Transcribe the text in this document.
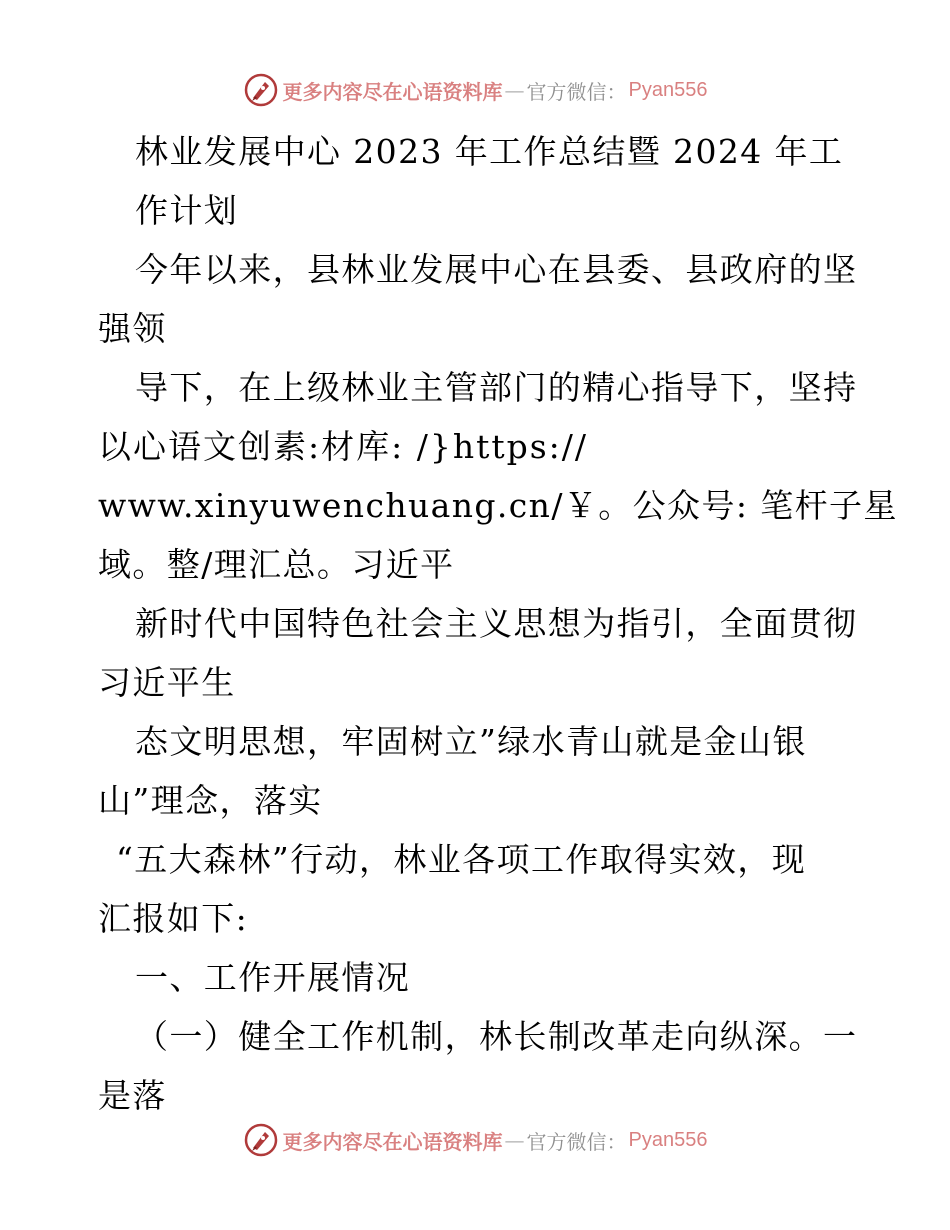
更多内容尽在心语资料库 — 官方微信： Pyan556
林业发展中心 2023 年工作总结暨 2024 年工
作计划
今年以来，县林业发展中心在县委、县政府的坚
强领
导下，在上级林业主管部门的精心指导下，坚持
以心语文创素:材库: /}https://
www.xinyuwenchuang.cn/￥。公众号: 笔杆子星
域。整/理汇总。习近平
新时代中国特色社会主义思想为指引，全面贯彻
习近平生
态文明思想，牢固树立”绿水青山就是金山银
山”理念，落实
“五大森林”行动，林业各项工作取得实效，现
汇报如下:
一、工作开展情况
（一）健全工作机制，林长制改革走向纵深。一
是落
更多内容尽在心语资料库 — 官方微信： Pyan556
